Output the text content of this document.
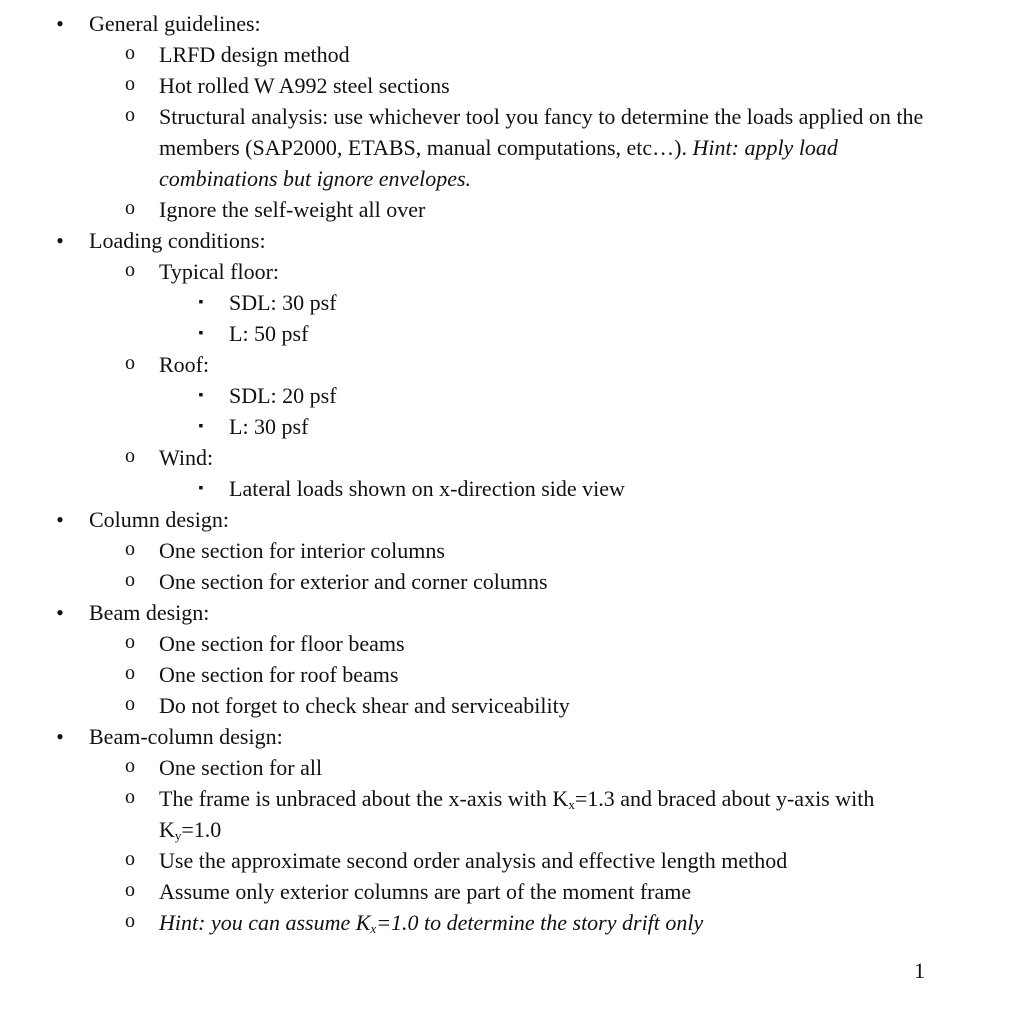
• General guidelines:
o LRFD design method
o Hot rolled W A992 steel sections
o Structural analysis: use whichever tool you fancy to determine the loads applied on the members (SAP2000, ETABS, manual computations, etc…). Hint: apply load combinations but ignore envelopes.
o Ignore the self-weight all over
• Loading conditions:
o Typical floor:
▪ SDL: 30 psf
▪ L: 50 psf
o Roof:
▪ SDL: 20 psf
▪ L: 30 psf
o Wind:
▪ Lateral loads shown on x-direction side view
• Column design:
o One section for interior columns
o One section for exterior and corner columns
• Beam design:
o One section for floor beams
o One section for roof beams
o Do not forget to check shear and serviceability
• Beam-column design:
o One section for all
o The frame is unbraced about the x-axis with $K_x=1.3$ and braced about y-axis with $K_y=1.0$
o Use the approximate second order analysis and effective length method
o Assume only exterior columns are part of the moment frame
o Hint: you can assume $K_x=1.0$ to determine the story drift only
1
